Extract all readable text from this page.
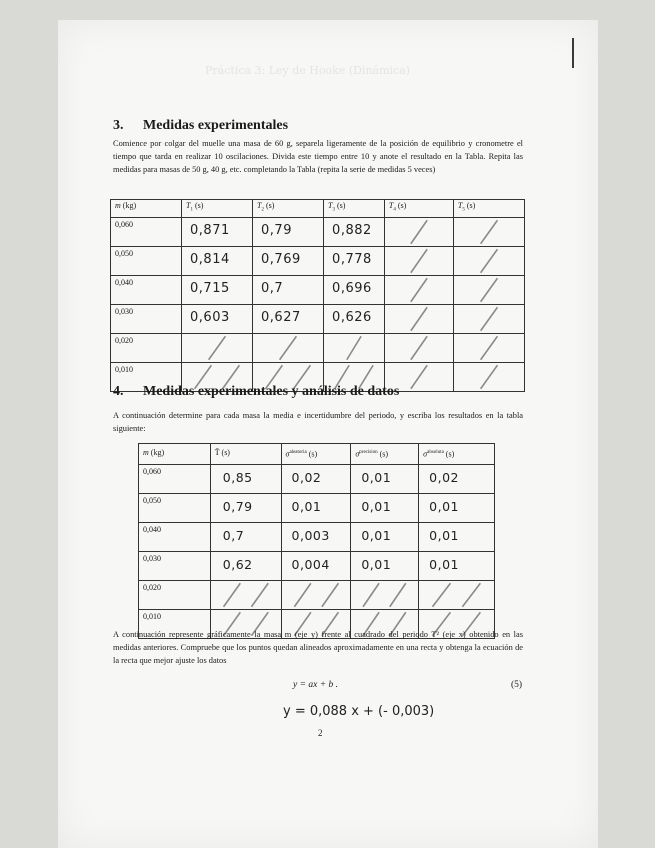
Práctica 3: Ley de Hooke (Dinámica)
3. Medidas experimentales
Comience por colgar del muelle una masa de 60 g, separela ligeramente de la posición de equilibrio y cronometre el tiempo que tarda en realizar 10 oscilaciones. Divida este tiempo entre 10 y anote el resultado en la Tabla. Repita las medidas para masas de 50 g, 40 g, etc. completando la Tabla (repita la serie de medidas 5 veces)
m (kg)	$T_1$ (s)	$T_2$ (s)	$T_3$ (s)	$T_4$ (s)	$T_5$ (s)
0,060	0,871	0,79	0,882

0,050	0,814	0,769	0,778

0,040	0,715	0,7	0,696

0,030	0,603	0,627	0,626

0,020	

0,010	

4. Medidas experimentales y análisis de datos
A continuación determine para cada masa la media e incertidumbre del periodo, y escriba los resultados en la tabla siguiente:
m (kg)	T̄ (s)	$\sigma^{aleatoria}$ (s)	$\sigma^{precision}$ (s)	$\sigma^{absoluta}$ (s)
0,060	0,85	0,02	0,01	0,02

0,050	0,79	0,01	0,01	0,01

0,040	0,7	0,003	0,01	0,01

0,030	0,62	0,004	0,01	0,01

0,020	

0,010	

A continuación represente gráficamente la masa m (eje y) frente al cuadrado del periodo T² (eje x) obtenido en las medidas anteriores. Compruebe que los puntos quedan alineados aproximadamente en una recta y obtenga la ecuación de la recta que mejor ajuste los datos
y = ax + b .	(5)
y = 0,088 x + (- 0,003)
2
